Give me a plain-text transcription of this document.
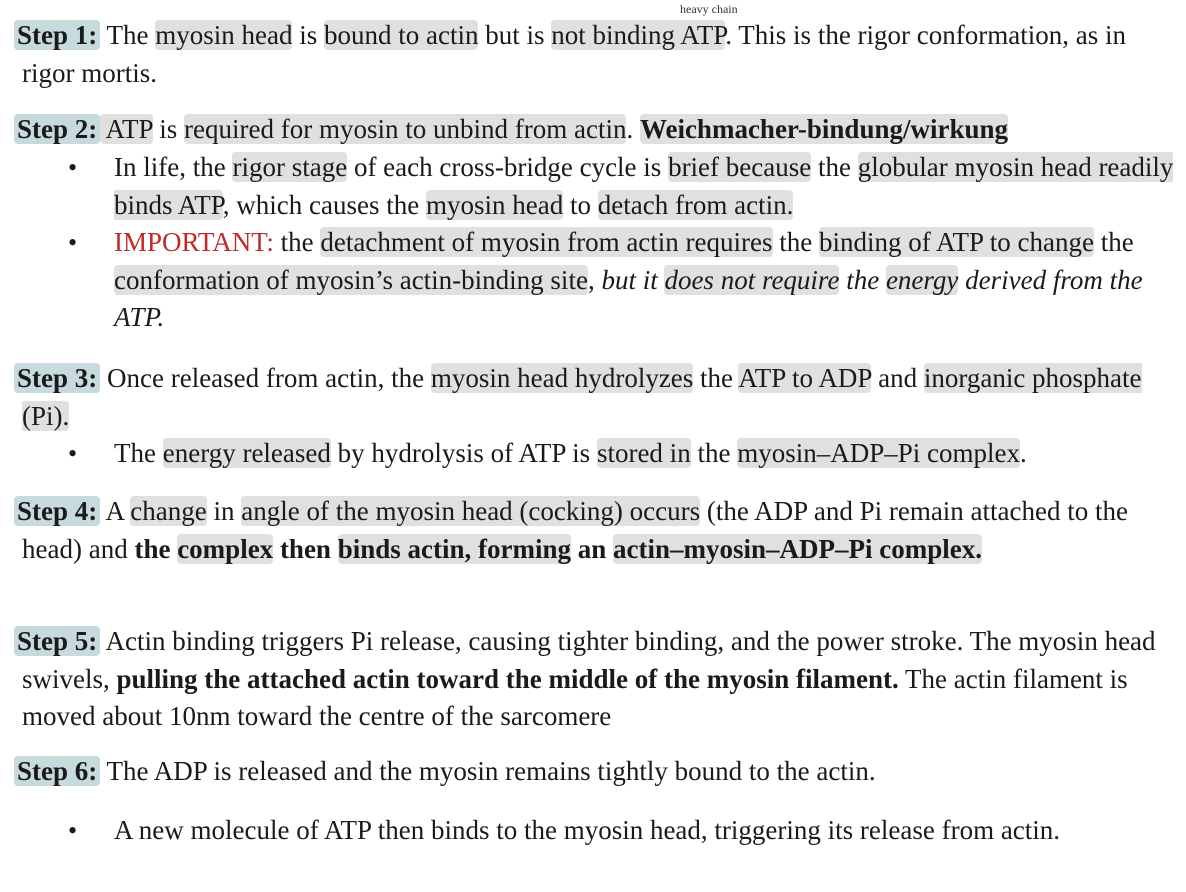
heavy chain

Step 1: The myosin head is bound to actin but is not binding ATP. This is the rigor conformation, as in rigor mortis.

Step 2: ATP is required for myosin to unbind from actin. Weichmacher-bindung/wirkung

• In life, the rigor stage of each cross-bridge cycle is brief because the globular myosin head readily binds ATP, which causes the myosin head to detach from actin.
• IMPORTANT: the detachment of myosin from actin requires the binding of ATP to change the conformation of myosin’s actin-binding site, but it does not require the energy derived from the ATP.

Step 3: Once released from actin, the myosin head hydrolyzes the ATP to ADP and inorganic phosphate (Pi).

• The energy released by hydrolysis of ATP is stored in the myosin–ADP–Pi complex.

Step 4: A change in angle of the myosin head (cocking) occurs (the ADP and Pi remain attached to the head) and the complex then binds actin, forming an actin–myosin–ADP–Pi complex.

Step 5: Actin binding triggers Pi release, causing tighter binding, and the power stroke. The myosin head swivels, pulling the attached actin toward the middle of the myosin filament. The actin filament is moved about 10nm toward the centre of the sarcomere

Step 6: The ADP is released and the myosin remains tightly bound to the actin.

• A new molecule of ATP then binds to the myosin head, triggering its release from actin.
